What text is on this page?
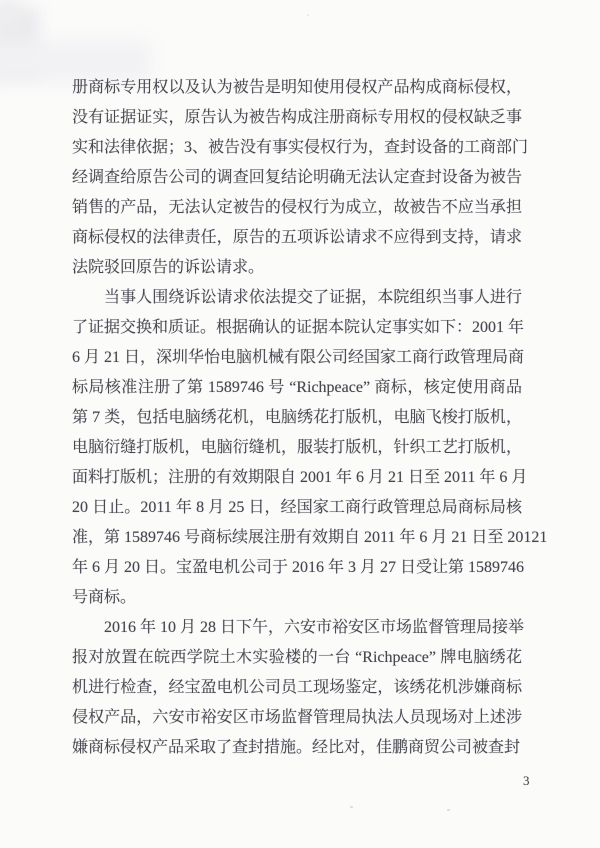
册商标专用权以及认为被告是明知使用侵权产品构成商标侵权，
没有证据证实，原告认为被告构成注册商标专用权的侵权缺乏事
实和法律依据；3、被告没有事实侵权行为，查封设备的工商部门
经调查给原告公司的调查回复结论明确无法认定查封设备为被告
销售的产品，无法认定被告的侵权行为成立，故被告不应当承担
商标侵权的法律责任，原告的五项诉讼请求不应得到支持，请求
法院驳回原告的诉讼请求。
当事人围绕诉讼请求依法提交了证据，本院组织当事人进行
了证据交换和质证。根据确认的证据本院认定事实如下：2001 年
6 月 21 日，深圳华怡电脑机械有限公司经国家工商行政管理局商
标局核准注册了第 1589746 号 “Richpeace” 商标，核定使用商品
第 7 类，包括电脑绣花机，电脑绣花打版机，电脑飞梭打版机，
电脑衍缝打版机，电脑衍缝机，服装打版机，针织工艺打版机，
面料打版机；注册的有效期限自 2001 年 6 月 21 日至 2011 年 6 月
20 日止。2011 年 8 月 25 日，经国家工商行政管理总局商标局核
准，第 1589746 号商标续展注册有效期自 2011 年 6 月 21 日至 20121
年 6 月 20 日。宝盈电机公司于 2016 年 3 月 27 日受让第 1589746
号商标。
2016 年 10 月 28 日下午，六安市裕安区市场监督管理局接举
报对放置在皖西学院土木实验楼的一台 “Richpeace” 牌电脑绣花
机进行检查，经宝盈电机公司员工现场鉴定，该绣花机涉嫌商标
侵权产品，六安市裕安区市场监督管理局执法人员现场对上述涉
嫌商标侵权产品采取了查封措施。经比对，佳鹏商贸公司被查封
3
